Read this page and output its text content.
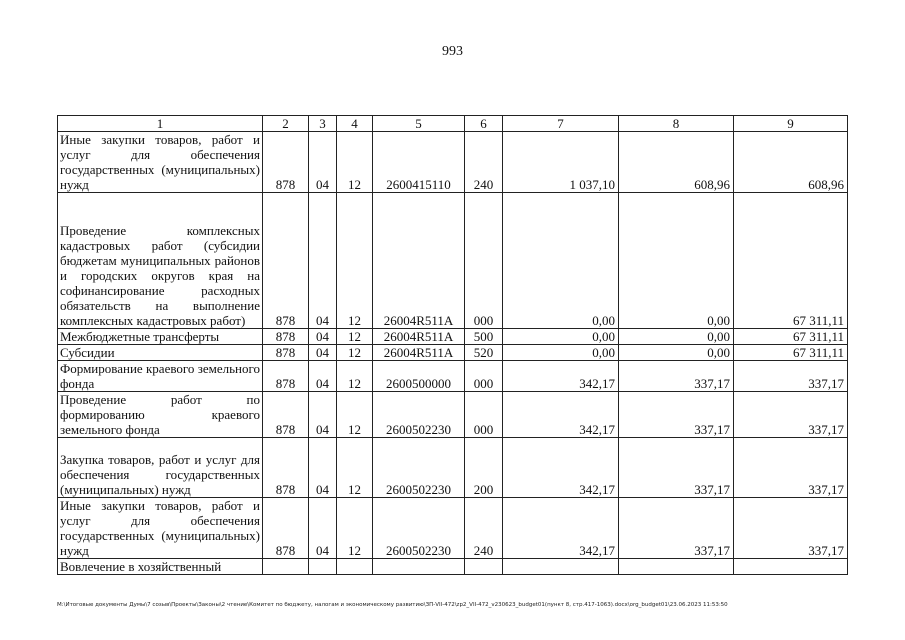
993
1	2	3	4	5	6	7	8	9
Иные закупки товаров, работ и услуг для обеспечения государственных (муниципальных) нужд	878	04	12	2600415110	240	1 037,10	608,96	608,96
Проведение комплексных кадастровых работ (субсидии бюджетам муниципальных районов и городских округов края на софинансирование расходных обязательств на выполнение комплексных кадастровых работ)	878	04	12	26004R511A	000	0,00	0,00	67 311,11
Межбюджетные трансферты	878	04	12	26004R511A	500	0,00	0,00	67 311,11
Субсидии	878	04	12	26004R511A	520	0,00	0,00	67 311,11
Формирование краевого земельного фонда	878	04	12	2600500000	000	342,17	337,17	337,17
Проведение работ по формированию краевого земельного фонда	878	04	12	2600502230	000	342,17	337,17	337,17
Закупка товаров, работ и услуг для обеспечения государственных (муниципальных) нужд	878	04	12	2600502230	200	342,17	337,17	337,17
Иные закупки товаров, работ и услуг для обеспечения государственных (муниципальных) нужд	878	04	12	2600502230	240	342,17	337,17	337,17
Вовлечение в хозяйственный								
M:\Итоговые документы Думы\7 созыв\Проекты\Законы\2 чтение\Комитет по бюджету, налогам и экономическому развитию\ЗП-VII-472\zp2_VII-472_v230623_budget01(пункт 8, стр.417-1063).docx\org_budget01\23.06.2023 11:53:50
